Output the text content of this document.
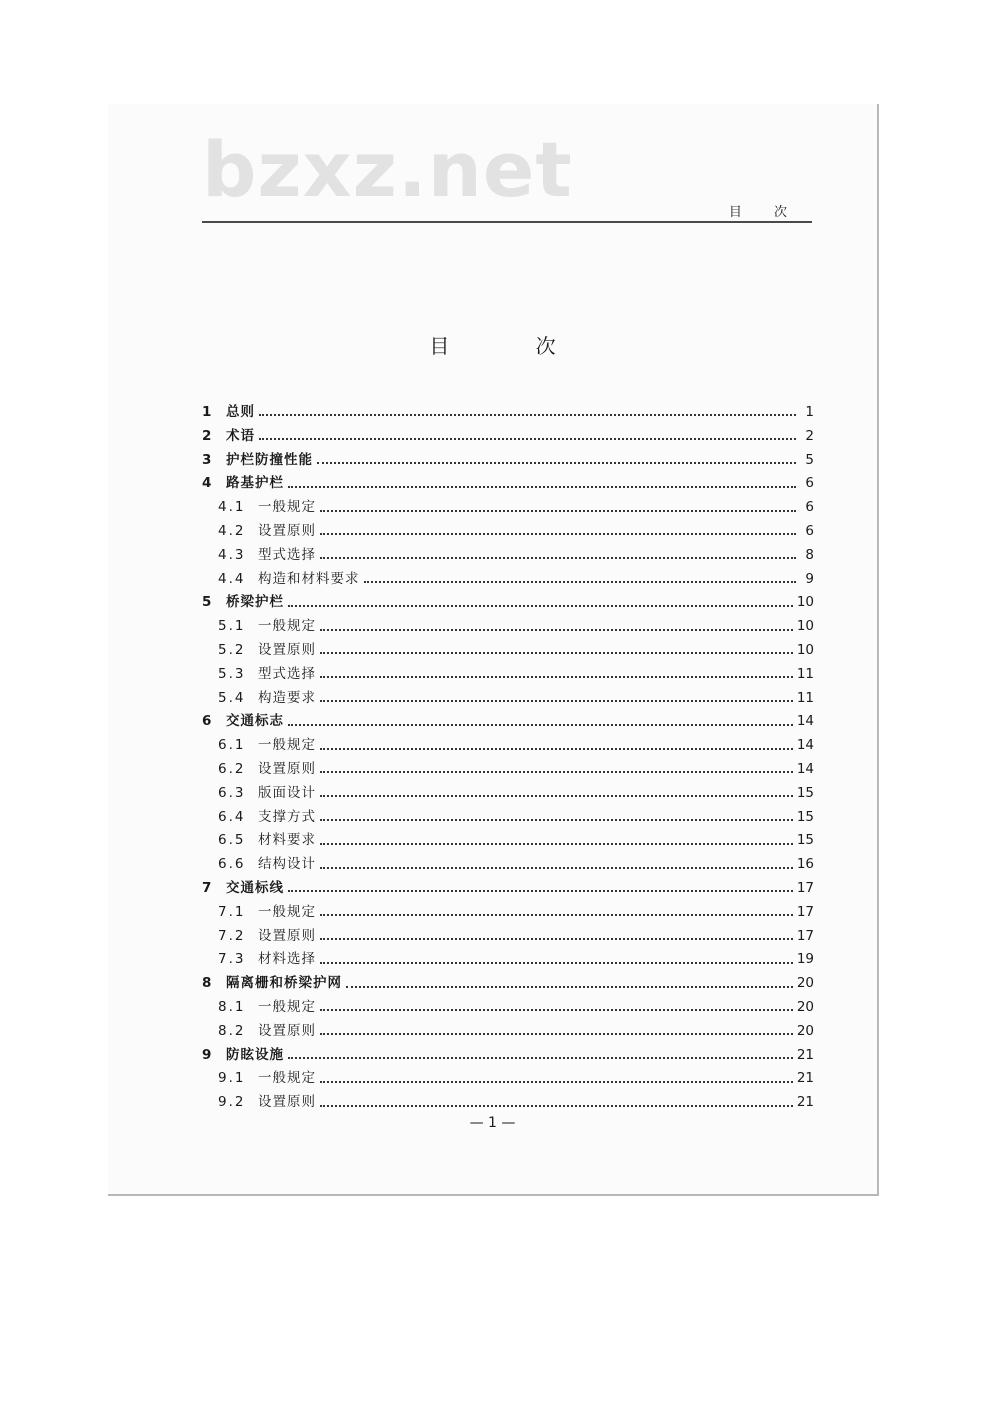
bzxz.net	目 次
目 次
1	总则	1
2	术语	2
3	护栏防撞性能	5
4	路基护栏	6
4.1 一般规定	6
4.2 设置原则	6
4.3 型式选择	8
4.4 构造和材料要求	9
5	桥梁护栏	10
5.1 一般规定	10
5.2 设置原则	10
5.3 型式选择	11
5.4 构造要求	11
6	交通标志	14
6.1 一般规定	14
6.2 设置原则	14
6.3 版面设计	15
6.4 支撑方式	15
6.5 材料要求	15
6.6 结构设计	16
7	交通标线	17
7.1 一般规定	17
7.2 设置原则	17
7.3 材料选择	19
8	隔离栅和桥梁护网	20
8.1 一般规定	20
8.2 设置原则	20
9	防眩设施	21
9.1 一般规定	21
9.2 设置原则	21
— 1 —
